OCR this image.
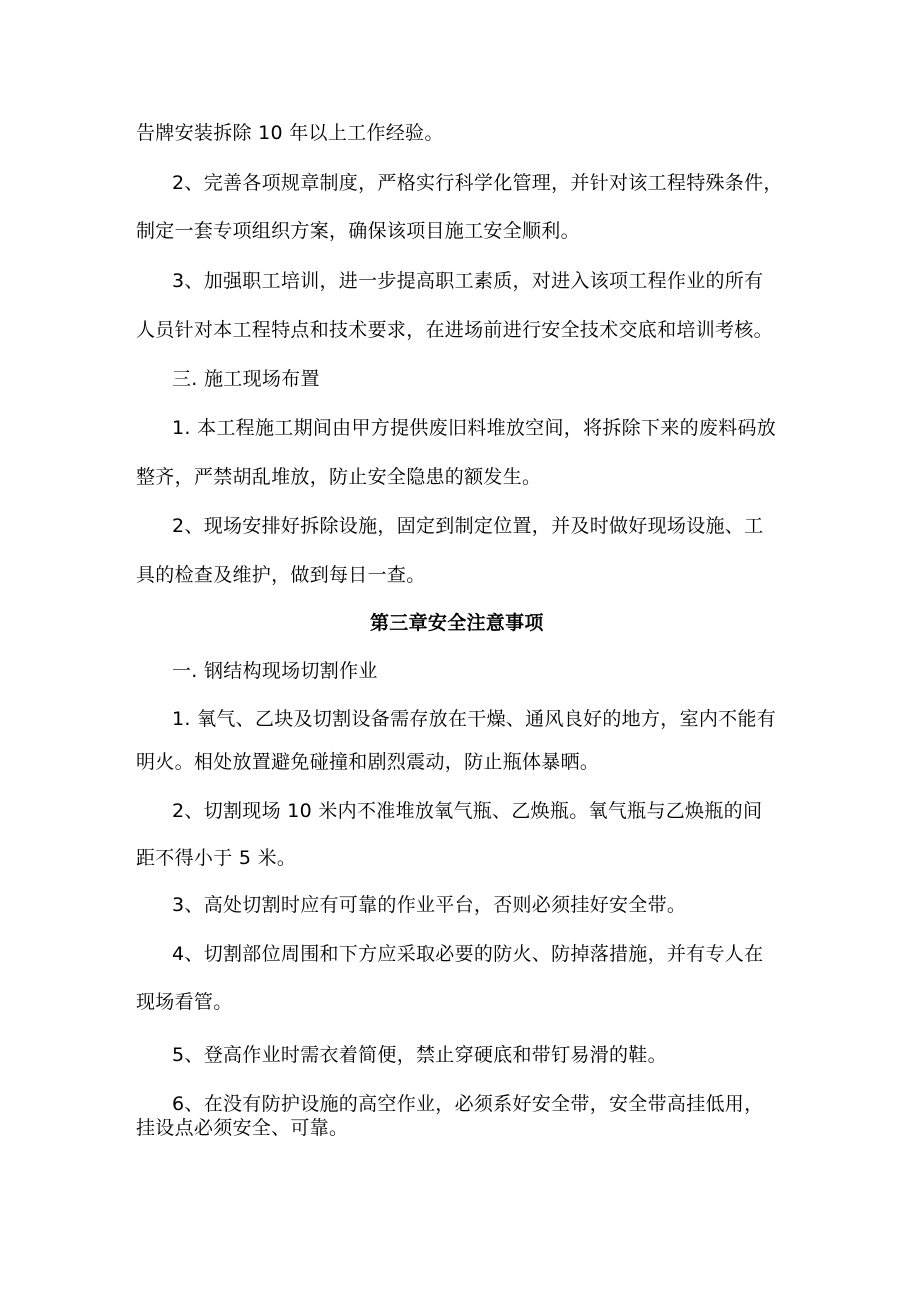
告牌安装拆除 10 年以上工作经验。
2、完善各项规章制度，严格实行科学化管理，并针对该工程特殊条件，
制定一套专项组织方案，确保该项目施工安全顺利。
3、加强职工培训，进一步提高职工素质，对进入该项工程作业的所有
人员针对本工程特点和技术要求，在进场前进行安全技术交底和培训考核。
三. 施工现场布置
1. 本工程施工期间由甲方提供废旧料堆放空间，将拆除下来的废料码放
整齐，严禁胡乱堆放，防止安全隐患的额发生。
2、现场安排好拆除设施，固定到制定位置，并及时做好现场设施、工
具的检查及维护，做到每日一查。
第三章安全注意事项
一. 钢结构现场切割作业
1. 氧气、乙块及切割设备需存放在干燥、通风良好的地方，室内不能有
明火。相处放置避免碰撞和剧烈震动，防止瓶体暴晒。
2、切割现场 10 米内不准堆放氧气瓶、乙焕瓶。氧气瓶与乙焕瓶的间
距不得小于 5 米。
3、高处切割时应有可靠的作业平台，否则必须挂好安全带。
4、切割部位周围和下方应采取必要的防火、防掉落措施，并有专人在
现场看管。
5、登高作业时需衣着简便，禁止穿硬底和带钉易滑的鞋。
6、在没有防护设施的高空作业，必须系好安全带，安全带高挂低用，
挂设点必须安全、可靠。
